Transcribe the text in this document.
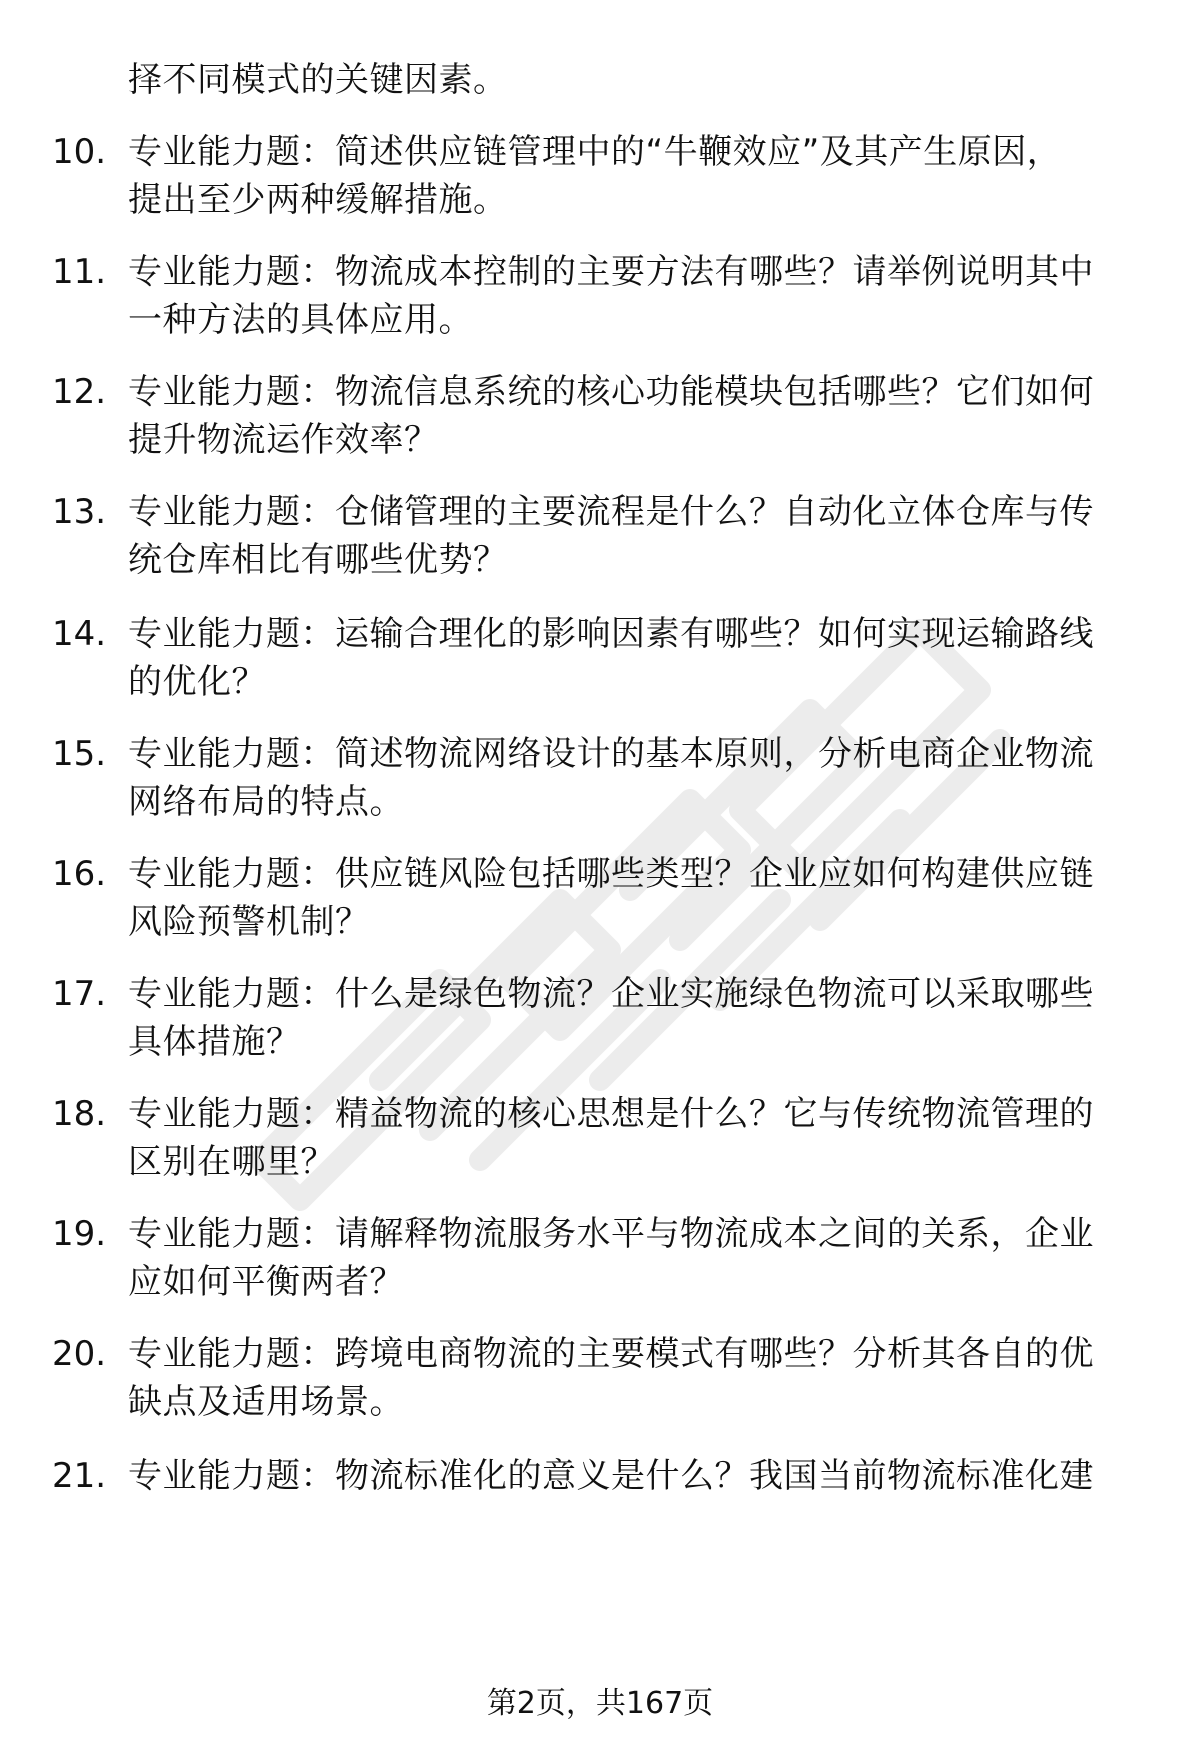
择不同模式的关键因素。
10. 专业能力题：简述供应链管理中的“牛鞭效应”及其产生原因，
提出至少两种缓解措施。
11. 专业能力题：物流成本控制的主要方法有哪些？请举例说明其中
一种方法的具体应用。
12. 专业能力题：物流信息系统的核心功能模块包括哪些？它们如何
提升物流运作效率？
13. 专业能力题：仓储管理的主要流程是什么？自动化立体仓库与传
统仓库相比有哪些优势？
14. 专业能力题：运输合理化的影响因素有哪些？如何实现运输路线
的优化？
15. 专业能力题：简述物流网络设计的基本原则，分析电商企业物流
网络布局的特点。
16. 专业能力题：供应链风险包括哪些类型？企业应如何构建供应链
风险预警机制？
17. 专业能力题：什么是绿色物流？企业实施绿色物流可以采取哪些
具体措施？
18. 专业能力题：精益物流的核心思想是什么？它与传统物流管理的
区别在哪里？
19. 专业能力题：请解释物流服务水平与物流成本之间的关系，企业
应如何平衡两者？
20. 专业能力题：跨境电商物流的主要模式有哪些？分析其各自的优
缺点及适用场景。
21. 专业能力题：物流标准化的意义是什么？我国当前物流标准化建
第2页，共167页
